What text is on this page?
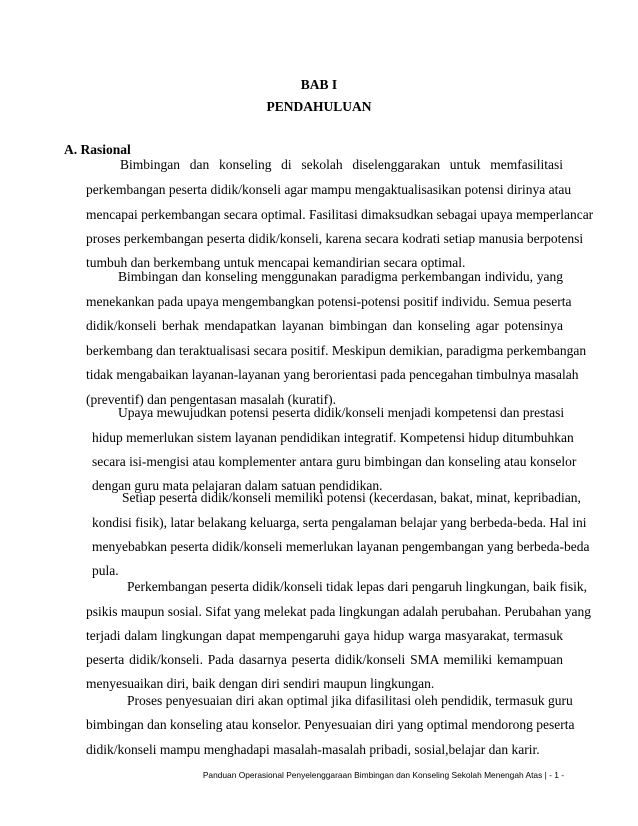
BAB I
PENDAHULUAN
A. Rasional
Bimbingan dan konseling di sekolah diselenggarakan untuk memfasilitasi
perkembangan peserta didik/konseli agar mampu mengaktualisasikan potensi dirinya atau
mencapai perkembangan secara optimal. Fasilitasi dimaksudkan sebagai upaya memperlancar
proses perkembangan peserta didik/konseli, karena secara kodrati setiap manusia berpotensi
tumbuh dan berkembang untuk mencapai kemandirian secara optimal.
Bimbingan dan konseling menggunakan paradigma perkembangan individu, yang
menekankan pada upaya mengembangkan potensi-potensi positif individu. Semua peserta
didik/konseli berhak mendapatkan layanan bimbingan dan konseling agar potensinya
berkembang dan teraktualisasi secara positif. Meskipun demikian, paradigma perkembangan
tidak mengabaikan layanan-layanan yang berorientasi pada pencegahan timbulnya masalah
(preventif) dan pengentasan masalah (kuratif).
Upaya mewujudkan potensi peserta didik/konseli menjadi kompetensi dan prestasi
hidup memerlukan sistem layanan pendidikan integratif. Kompetensi hidup ditumbuhkan
secara isi-mengisi atau komplementer antara guru bimbingan dan konseling atau konselor
dengan guru mata pelajaran dalam satuan pendidikan.
Setiap peserta didik/konseli memiliki potensi (kecerdasan, bakat, minat, kepribadian,
kondisi fisik), latar belakang keluarga, serta pengalaman belajar yang berbeda-beda. Hal ini
menyebabkan peserta didik/konseli memerlukan layanan pengembangan yang berbeda-beda
pula.
Perkembangan peserta didik/konseli tidak lepas dari pengaruh lingkungan, baik fisik,
psikis maupun sosial. Sifat yang melekat pada lingkungan adalah perubahan. Perubahan yang
terjadi dalam lingkungan dapat mempengaruhi gaya hidup warga masyarakat, termasuk
peserta didik/konseli. Pada dasarnya peserta didik/konseli SMA memiliki kemampuan
menyesuaikan diri, baik dengan diri sendiri maupun lingkungan.
Proses penyesuaian diri akan optimal jika difasilitasi oleh pendidik, termasuk guru
bimbingan dan konseling atau konselor. Penyesuaian diri yang optimal mendorong peserta
didik/konseli mampu menghadapi masalah-masalah pribadi, sosial,belajar dan karir.
Panduan Operasional Penyelenggaraan Bimbingan dan Konseling Sekolah Menengah Atas | - 1 -
